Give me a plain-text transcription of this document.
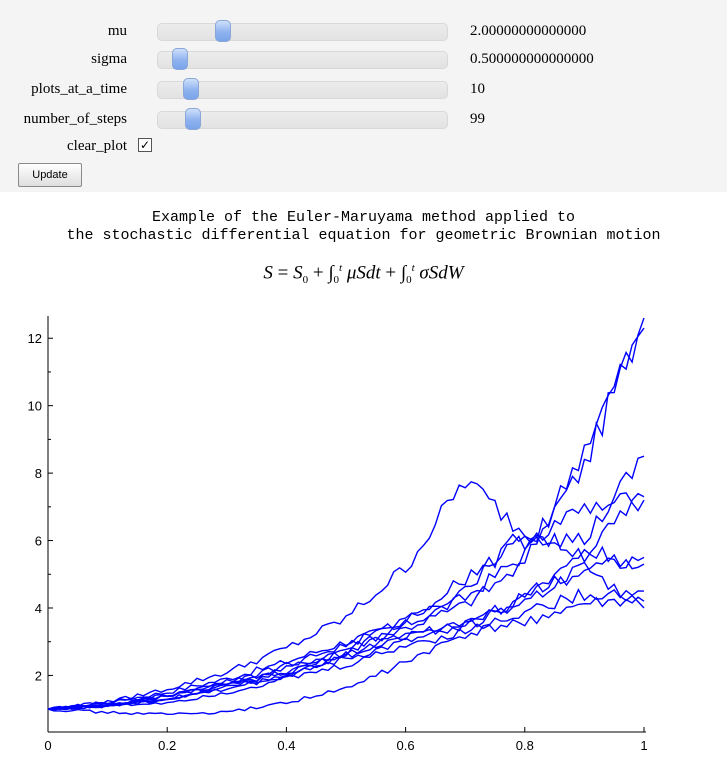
mu	2.00000000000000
sigma	0.500000000000000
plots_at_a_time	10
number_of_steps	99
clear_plot ✓
Update
Example of the Euler-Maruyama method applied to
the stochastic differential equation for geometric Brownian motion
$S = S_0 + \int_0^t$ $\mu Sdt + \int_0^t$ σSdW
0	0.2	0.4	0.6	0.8	1
2
4
6
8
10
12
